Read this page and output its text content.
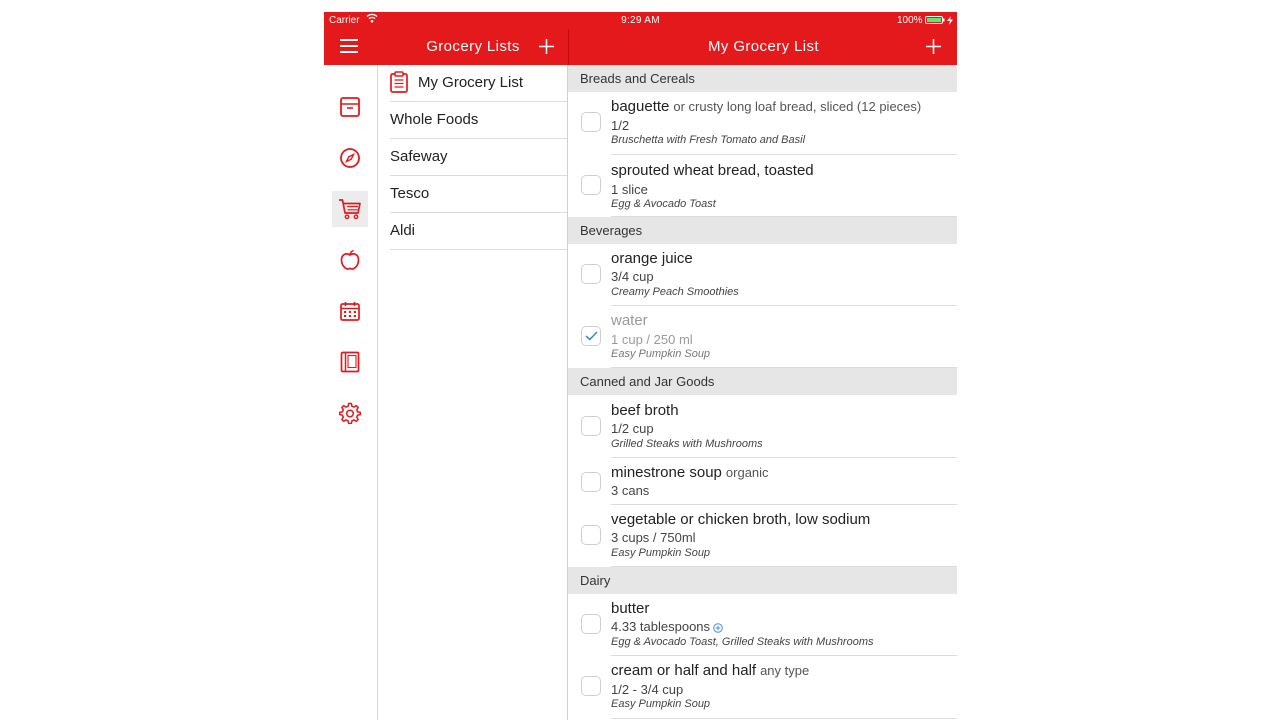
Carrier	9:29 AM	100%
Grocery Lists	My Grocery List
My Grocery List
Whole Foods
Safeway
Tesco
Aldi
Breads and Cereals
baguette or crusty long loaf bread, sliced (12 pieces)
1/2
Bruschetta with Fresh Tomato and Basil
sprouted wheat bread, toasted
1 slice
Egg & Avocado Toast
Beverages
orange juice
3/4 cup
Creamy Peach Smoothies
water
1 cup / 250 ml
Easy Pumpkin Soup
Canned and Jar Goods
beef broth
1/2 cup
Grilled Steaks with Mushrooms
minestrone soup organic
3 cans
vegetable or chicken broth, low sodium
3 cups / 750ml
Easy Pumpkin Soup
Dairy
butter
4.33 tablespoons
Egg & Avocado Toast, Grilled Steaks with Mushrooms
cream or half and half any type
1/2 - 3/4 cup
Easy Pumpkin Soup
